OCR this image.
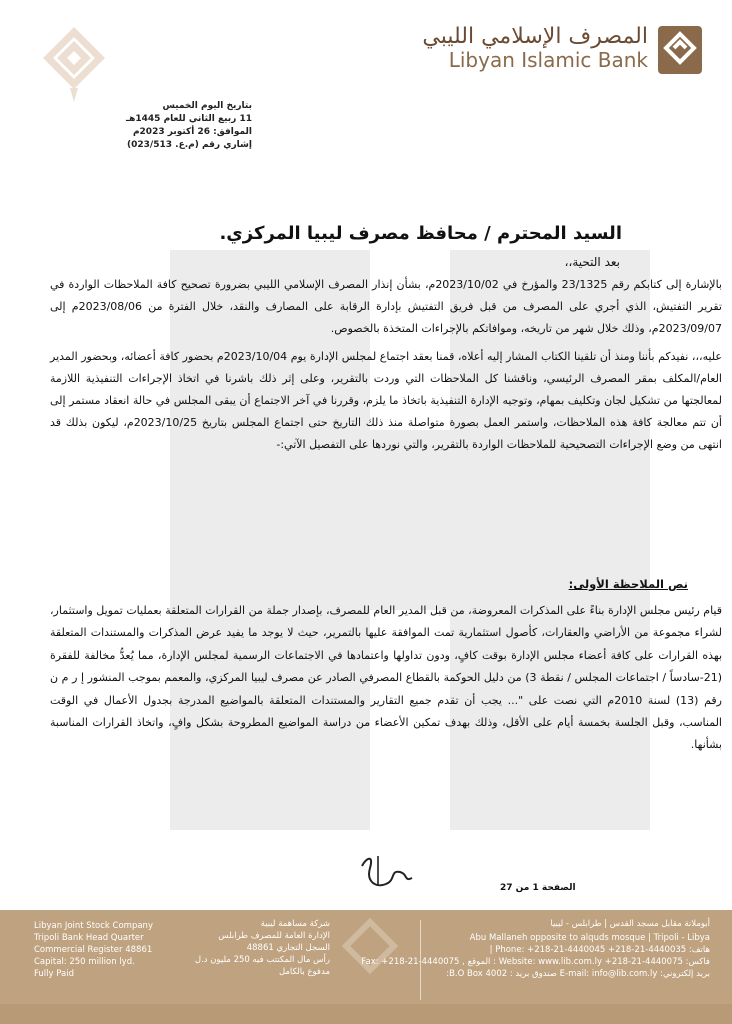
المصرف الإسلامي الليبي
Libyan Islamic Bank
بتاريخ اليوم الخميس
11 ربيع الثاني للعام 1445هـ
الموافق: 26 أكتوبر 2023م
إشاري رقم (م.ع. 023/513)
السيد المحترم / محافظ مصرف ليبيا المركزي.
بعد التحية،،

بالإشارة إلى كتابكم رقم 23/1325 والمؤرخ في 2023/10/02م، بشأن إنذار المصرف الإسلامي الليبي بضرورة تصحيح كافة الملاحظات الواردة في تقرير التفتيش، الذي أجري على المصرف من قبل فريق التفتيش بإدارة الرقابة على المصارف والنقد، خلال الفترة من 2023/08/06م إلى 2023/09/07م، وذلك خلال شهر من تاريخه، وموافاتكم بالإجراءات المتخذة بالخصوص.

عليه،،، نفيدكم بأننا ومنذ أن تلقينا الكتاب المشار إليه أعلاه، قمنا بعقد اجتماع لمجلس الإدارة يوم 2023/10/04م بحضور كافة أعضائه، وبحضور المدير العام/المكلف بمقر المصرف الرئيسي، وناقشنا كل الملاحظات التي وردت بالتقرير، وعلى إثر ذلك باشرنا في اتخاذ الإجراءات التنفيذية اللازمة لمعالجتها من تشكيل لجان وتكليف بمهام، وتوجيه الإدارة التنفيذية باتخاذ ما يلزم، وقررنا في آخر الاجتماع أن يبقى المجلس في حالة انعقاد مستمر إلى أن تتم معالجة كافة هذه الملاحظات، واستمر العمل بصورة متواصلة منذ ذلك التاريخ حتى اجتماع المجلس بتاريخ 2023/10/25م، ليكون بذلك قد انتهى من وضع الإجراءات التصحيحية للملاحظات الواردة بالتقرير، والتي نوردها على التفصيل الآتي:-

نص الملاحظة الأولى:
قيام رئيس مجلس الإدارة بناءً على المذكرات المعروضة، من قبل المدير العام للمصرف، بإصدار جملة من القرارات المتعلقة بعمليات تمويل واستثمار، لشراء مجموعة من الأراضي والعقارات، كأصول استثمارية تمت الموافقة عليها بالتمرير، حيث لا يوجد ما يفيد عرض المذكرات والمستندات المتعلقة بهذه القرارات على كافة أعضاء مجلس الإدارة بوقت كافٍ، ودون تداولها واعتمادها في الاجتماعات الرسمية لمجلس الإدارة، مما يُعدُّ مخالفة للفقرة (21-سادساً / اجتماعات المجلس / نقطة 3) من دليل الحوكمة بالقطاع المصرفي الصادر عن مصرف ليبيا المركزي، والمعمم بموجب المنشور إ ر م ن رقم (13) لسنة 2010م التي نصت على "... يجب أن تقدم جميع التقارير والمستندات المتعلقة بالمواضيع المدرجة بجدول الأعمال في الوقت المناسب، وقبل الجلسة بخمسة أيام على الأقل، وذلك بهدف تمكين الأعضاء من دراسة المواضيع المطروحة بشكل وافٍ، واتخاذ القرارات المناسبة بشأنها.
الصفحة 1 من 27
Libyan Joint Stock Company
Tripoli Bank Head Quarter
Commercial Register 48861
Capital: 250 million lyd.
Fully Paid
شركة مساهمة ليبية
الإدارة العامة للمصرف طرابلس
السجل التجاري 48861
رأس مال المكتتب فيه 250 مليون د.ل
مدفوع بالكامل
أبوملانة مقابل مسجد القدس | طرابلس - ليبيا
Abu Mallaneh opposite to alquds mosque | Tripoli - Libya
هاتف: 4440035-21-218+ Phone: +218-21-4440045 |
فاكس: 4440075-21-218+ Website: www.lib.com.ly : الموقع , Fax: +218-21-4440075
بريد إلكتروني: E-mail: info@lib.com.ly صندوق بريد : 4002 B.O Box:
